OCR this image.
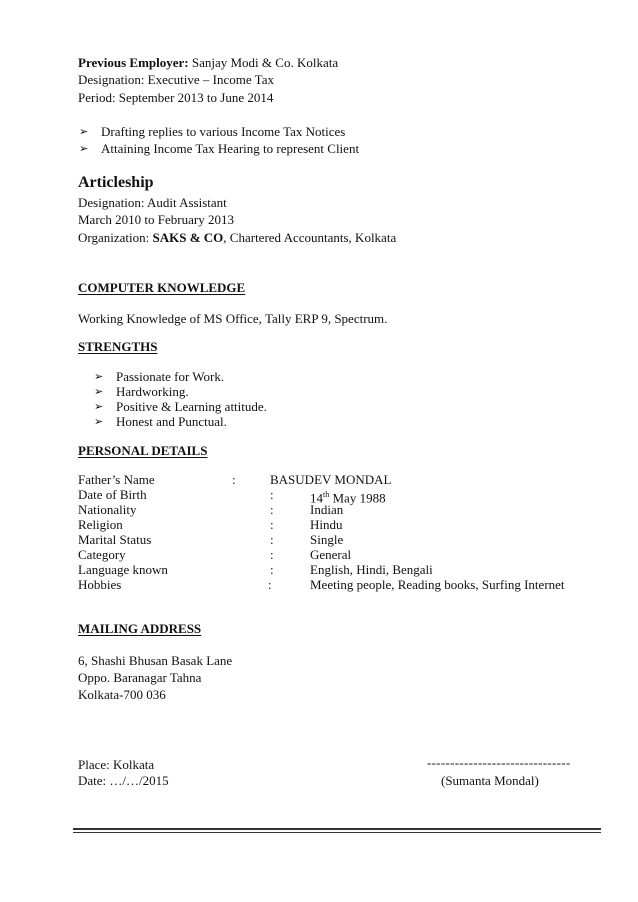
Previous Employer: Sanjay Modi & Co. Kolkata
Designation: Executive – Income Tax
Period: September 2013 to June 2014
➢ Drafting replies to various Income Tax Notices
➢ Attaining Income Tax Hearing to represent Client
Articleship
Designation: Audit Assistant
March 2010 to February 2013
Organization: SAKS & CO, Chartered Accountants, Kolkata
COMPUTER KNOWLEDGE
Working Knowledge of MS Office, Tally ERP 9, Spectrum.
STRENGTHS
➢ Passionate for Work.
➢ Hardworking.
➢ Positive & Learning attitude.
➢ Honest and Punctual.
PERSONAL DETAILS
Father’s Name	:	BASUDEV MONDAL
Date of Birth	:	14th May 1988
Nationality	:	Indian
Religion	:	Hindu
Marital Status	:	Single
Category	:	General
Language known	:	English, Hindi, Bengali
Hobbies	:	Meeting people, Reading books, Surfing Internet
MAILING ADDRESS
6, Shashi Bhusan Basak Lane
Oppo. Baranagar Tahna
Kolkata-700 036
Place: Kolkata
Date: …/…/2015
-------------------------------
(Sumanta Mondal)
